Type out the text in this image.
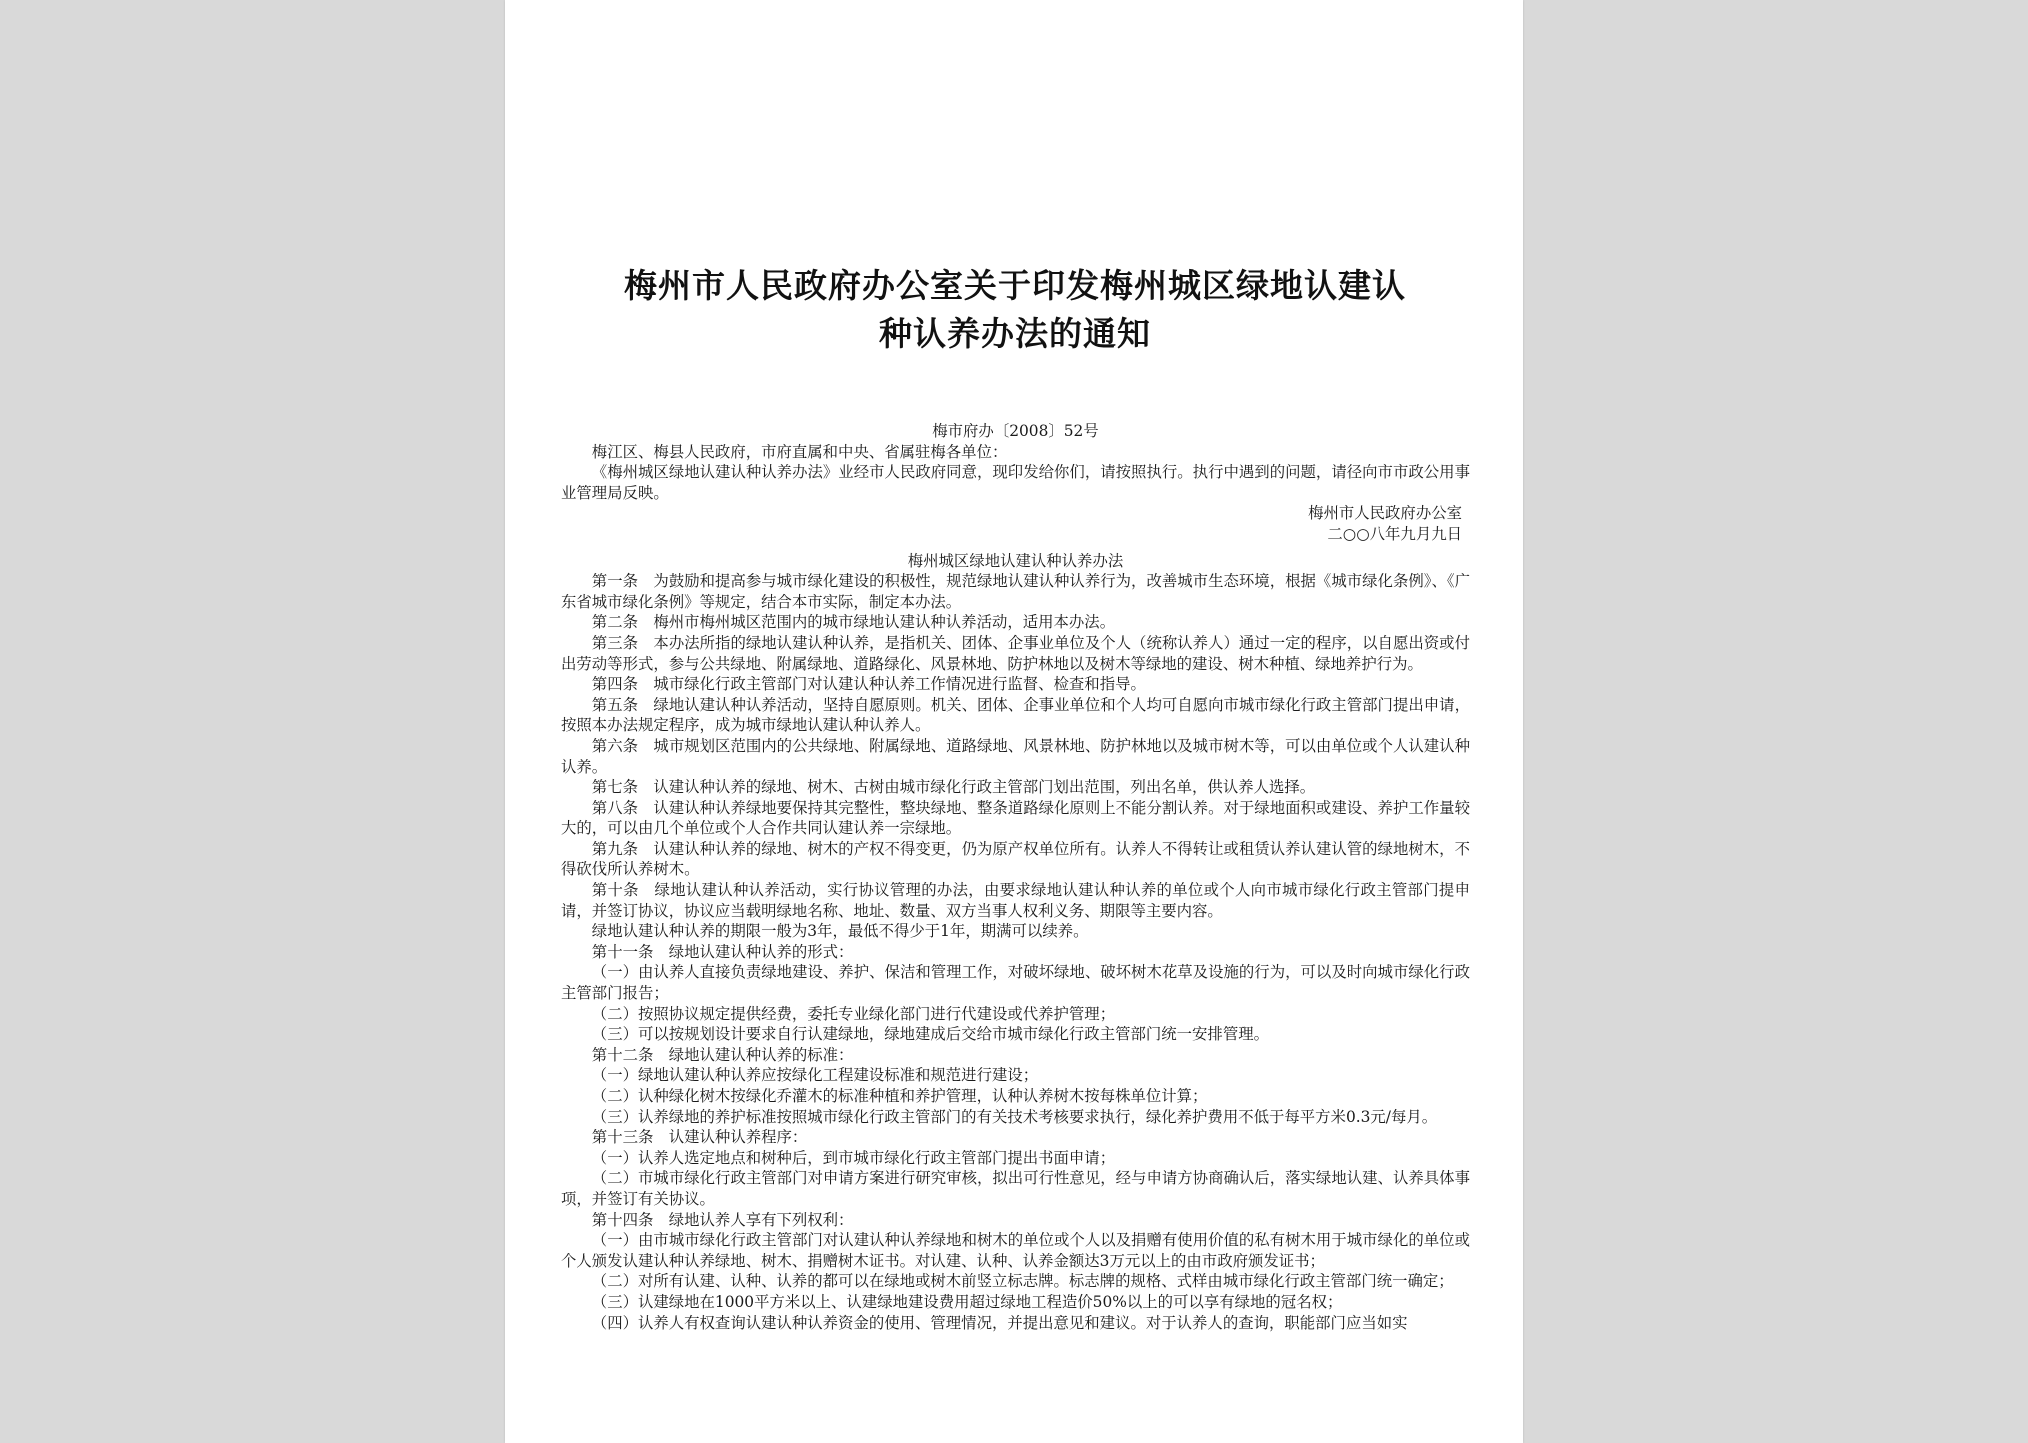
梅州市人民政府办公室关于印发梅州城区绿地认建认
种认养办法的通知

梅市府办〔2008〕52号

梅江区、梅县人民政府，市府直属和中央、省属驻梅各单位：

《梅州城区绿地认建认种认养办法》业经市人民政府同意，现印发给你们，请按照执行。执行中遇到的问题，请径向市市政公用事业管理局反映。

梅州市人民政府办公室

二○○八年九月九日

梅州城区绿地认建认种认养办法

第一条　为鼓励和提高参与城市绿化建设的积极性，规范绿地认建认种认养行为，改善城市生态环境，根据《城市绿化条例》、《广东省城市绿化条例》等规定，结合本市实际，制定本办法。

第二条　梅州市梅州城区范围内的城市绿地认建认种认养活动，适用本办法。

第三条　本办法所指的绿地认建认种认养，是指机关、团体、企事业单位及个人（统称认养人）通过一定的程序，以自愿出资或付出劳动等形式，参与公共绿地、附属绿地、道路绿化、风景林地、防护林地以及树木等绿地的建设、树木种植、绿地养护行为。

第四条　城市绿化行政主管部门对认建认种认养工作情况进行监督、检查和指导。

第五条　绿地认建认种认养活动，坚持自愿原则。机关、团体、企事业单位和个人均可自愿向市城市绿化行政主管部门提出申请，按照本办法规定程序，成为城市绿地认建认种认养人。

第六条　城市规划区范围内的公共绿地、附属绿地、道路绿地、风景林地、防护林地以及城市树木等，可以由单位或个人认建认种认养。

第七条　认建认种认养的绿地、树木、古树由城市绿化行政主管部门划出范围，列出名单，供认养人选择。

第八条　认建认种认养绿地要保持其完整性，整块绿地、整条道路绿化原则上不能分割认养。对于绿地面积或建设、养护工作量较大的，可以由几个单位或个人合作共同认建认养一宗绿地。

第九条　认建认种认养的绿地、树木的产权不得变更，仍为原产权单位所有。认养人不得转让或租赁认养认建认管的绿地树木，不得砍伐所认养树木。

第十条　绿地认建认种认养活动，实行协议管理的办法，由要求绿地认建认种认养的单位或个人向市城市绿化行政主管部门提申请，并签订协议，协议应当载明绿地名称、地址、数量、双方当事人权利义务、期限等主要内容。

绿地认建认种认养的期限一般为3年，最低不得少于1年，期满可以续养。

第十一条　绿地认建认种认养的形式：

（一）由认养人直接负责绿地建设、养护、保洁和管理工作，对破坏绿地、破坏树木花草及设施的行为，可以及时向城市绿化行政主管部门报告；

（二）按照协议规定提供经费，委托专业绿化部门进行代建设或代养护管理；

（三）可以按规划设计要求自行认建绿地，绿地建成后交给市城市绿化行政主管部门统一安排管理。

第十二条　绿地认建认种认养的标准：

（一）绿地认建认种认养应按绿化工程建设标准和规范进行建设；

（二）认种绿化树木按绿化乔灌木的标准种植和养护管理，认种认养树木按每株单位计算；

（三）认养绿地的养护标准按照城市绿化行政主管部门的有关技术考核要求执行，绿化养护费用不低于每平方米0.3元/每月。

第十三条　认建认种认养程序：

（一）认养人选定地点和树种后，到市城市绿化行政主管部门提出书面申请；

（二）市城市绿化行政主管部门对申请方案进行研究审核，拟出可行性意见，经与申请方协商确认后，落实绿地认建、认养具体事项，并签订有关协议。

第十四条　绿地认养人享有下列权利：

（一）由市城市绿化行政主管部门对认建认种认养绿地和树木的单位或个人以及捐赠有使用价值的私有树木用于城市绿化的单位或个人颁发认建认种认养绿地、树木、捐赠树木证书。对认建、认种、认养金额达3万元以上的由市政府颁发证书；

（二）对所有认建、认种、认养的都可以在绿地或树木前竖立标志牌。标志牌的规格、式样由城市绿化行政主管部门统一确定；

（三）认建绿地在1000平方米以上、认建绿地建设费用超过绿地工程造价50%以上的可以享有绿地的冠名权；

（四）认养人有权查询认建认种认养资金的使用、管理情况，并提出意见和建议。对于认养人的查询，职能部门应当如实
